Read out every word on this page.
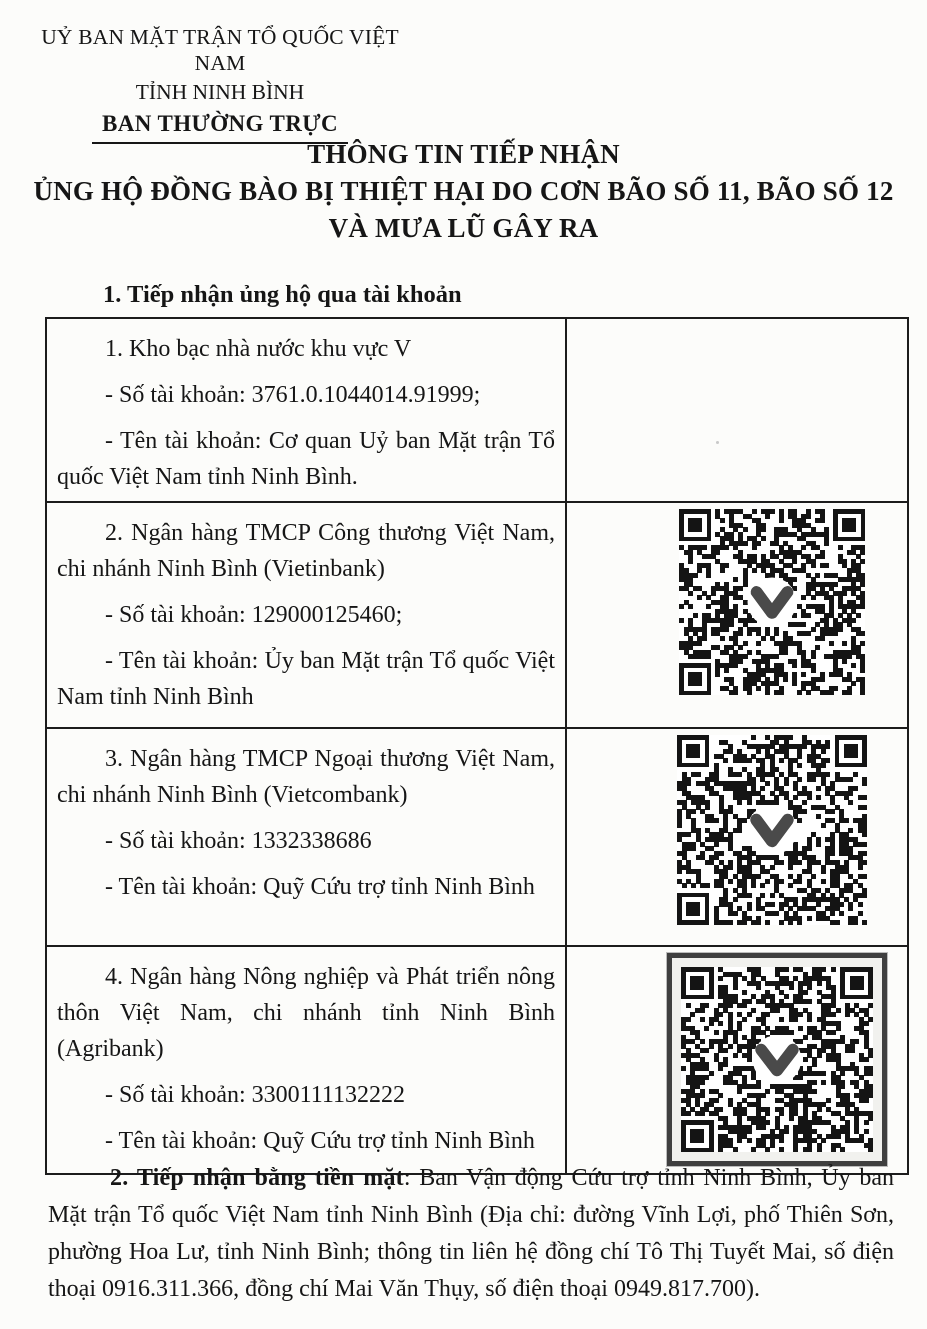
UỶ BAN MẶT TRẬN TỔ QUỐC VIỆT NAM
TỈNH NINH BÌNH
BAN THƯỜNG TRỰC
THÔNG TIN TIẾP NHẬN
ỦNG HỘ ĐỒNG BÀO BỊ THIỆT HẠI DO CƠN BÃO SỐ 11, BÃO SỐ 12
VÀ MƯA LŨ GÂY RA
1. Tiếp nhận ủng hộ qua tài khoản

1. Kho bạc nhà nước khu vực V

- Số tài khoản: 3761.0.1044014.91999;

- Tên tài khoản: Cơ quan Uỷ ban Mặt trận Tổ quốc Việt Nam tỉnh Ninh Bình.	

2. Ngân hàng TMCP Công thương Việt Nam, chi nhánh Ninh Bình (Vietinbank)

- Số tài khoản: 129000125460;

- Tên tài khoản: Ủy ban Mặt trận Tổ quốc Việt Nam tỉnh Ninh Bình

3. Ngân hàng TMCP Ngoại thương Việt Nam, chi nhánh Ninh Bình (Vietcombank)

- Số tài khoản: 1332338686

- Tên tài khoản: Quỹ Cứu trợ tỉnh Ninh Bình

4. Ngân hàng Nông nghiệp và Phát triển nông thôn Việt Nam, chi nhánh tỉnh Ninh Bình (Agribank)

- Số tài khoản: 3300111132222

- Tên tài khoản: Quỹ Cứu trợ tỉnh Ninh Bình

2. Tiếp nhận bằng tiền mặt: Ban Vận động Cứu trợ tỉnh Ninh Bình, Ủy ban Mặt trận Tổ quốc Việt Nam tỉnh Ninh Bình (Địa chỉ: đường Vĩnh Lợi, phố Thiên Sơn, phường Hoa Lư, tỉnh Ninh Bình; thông tin liên hệ đồng chí Tô Thị Tuyết Mai, số điện thoại 0916.311.366, đồng chí Mai Văn Thụy, số điện thoại 0949.817.700).
